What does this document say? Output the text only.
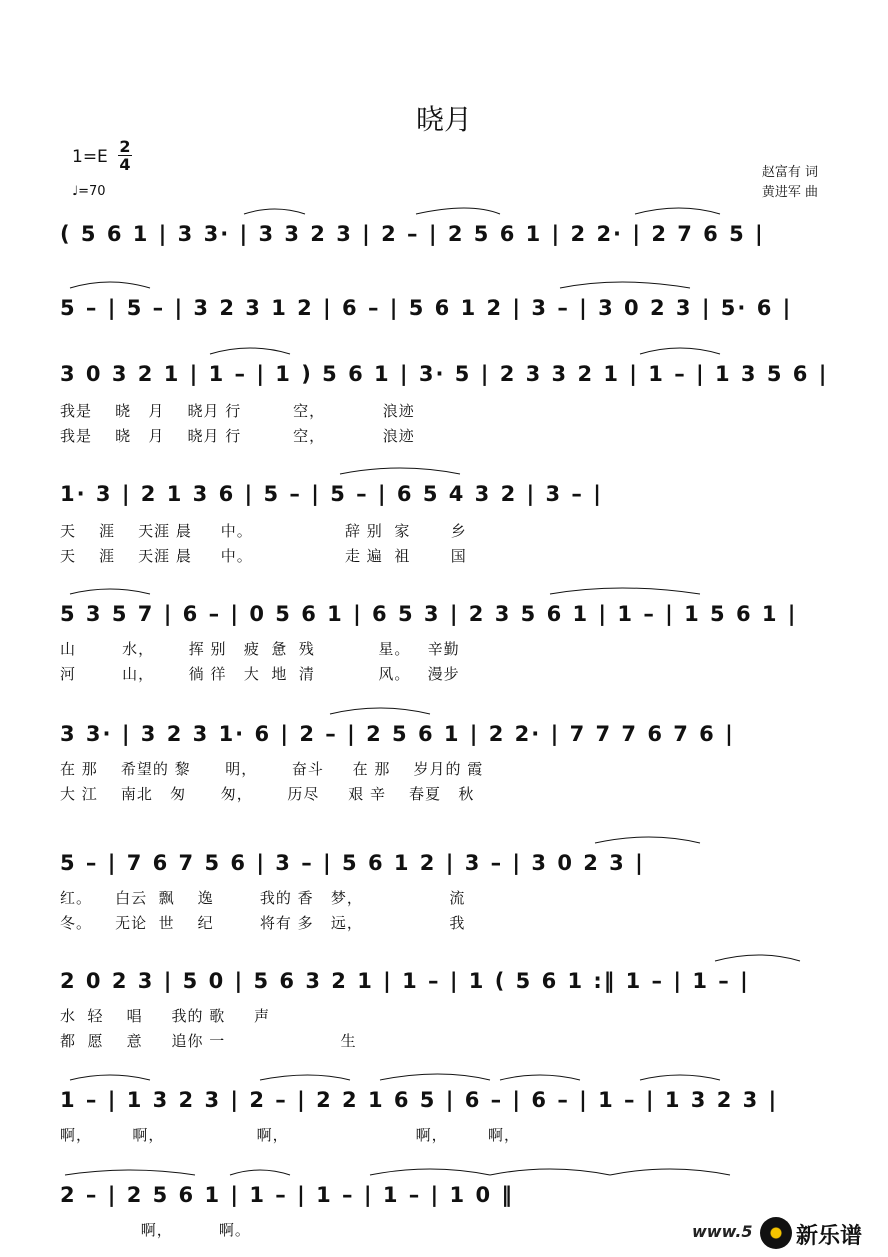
晓月
$1=E \frac{2}{4}$
♩=70
赵富有 词
黄进军 曲
( 5 6 1 | 3 3· | 3 3 2 3 | 2 – | 2 5 6 1 | 2 2· | 2 7 6 5 |
5 – | 5 – | 3 2 3 1 2 | 6 – | 5 6 1 2 | 3 – | 3 0 2 3 | 5· 6 |
3 0 3 2 1 | 1 – | 1 ) 5 6 1 | 3· 5 | 2 3 3 2 1 | 1 – | 1 3 5 6 |
我是    晓   月    晓月 行         空，          浪迹
我是    晓   月    晓月 行         空，          浪迹
1· 3 | 2 1 3 6 | 5 – | 5 – | 6 5 4 3 2 | 3 – |
天    涯    天涯 晨     中。                辞 别  家       乡
天    涯    天涯 晨     中。                走 遍  祖       国
5 3 5 7 | 6 – | 0 5 6 1 | 6 5 3 | 2 3 5 6 1 | 1 – | 1 5 6 1 |
山        水，      挥 别   疲  惫  残           星。   辛勤
河        山，      徜 徉   大  地  清           风。   漫步
3 3· | 3 2 3 1· 6 | 2 – | 2 5 6 1 | 2 2· | 7 7 7 6 7 6 |
在 那    希望的 黎      明，      奋斗     在 那    岁月的 霞
大 江    南北   匆      匆，      历尽     艰 辛    春夏   秋
5 – | 7 6 7 5 6 | 3 – | 5 6 1 2 | 3 – | 3 0 2 3 |
红。    白云  飘    逸        我的 香   梦，               流
冬。    无论  世    纪        将有 多   远，               我
2 0 2 3 | 5 0 | 5 6 3 2 1 | 1 – | 1 ( 5 6 1 :‖ 1 – | 1 – |
水  轻    唱     我的 歌     声
都  愿    意     追你 一                    生
1 – | 1 3 2 3 | 2 – | 2 2 1 6 5 | 6 – | 6 – | 1 – | 1 3 2 3 |
啊，       啊，                啊，                      啊，       啊，
2 – | 2 5 6 1 | 1 – | 1 – | 1 – | 1 0 ‖
啊，        啊。	www.5 新乐谱
